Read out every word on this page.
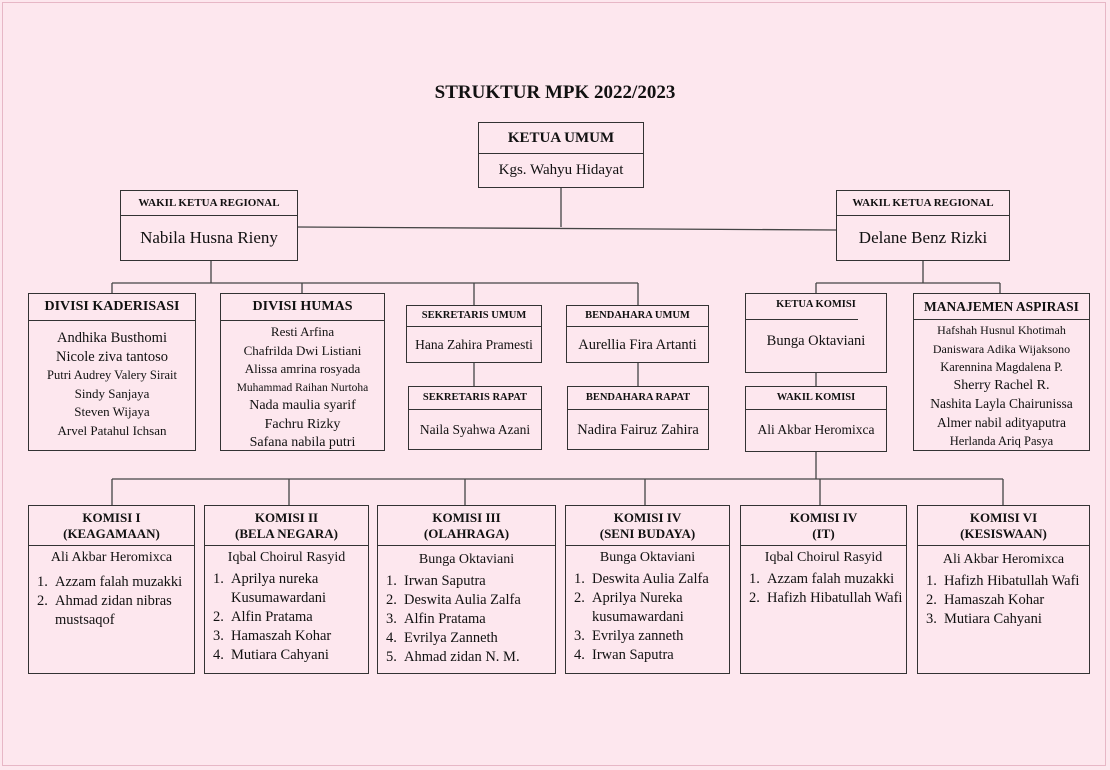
STRUKTUR MPK 2022/2023
KETUA UMUM
Kgs. Wahyu Hidayat
WAKIL KETUA REGIONAL
Nabila Husna Rieny
WAKIL KETUA REGIONAL
Delane Benz Rizki
DIVISI KADERISASI
Andhika Busthomi
Nicole ziva tantoso
Putri Audrey Valery Sirait
Sindy Sanjaya
Steven Wijaya
Arvel Patahul Ichsan
DIVISI HUMAS
Resti Arfina
Chafrilda Dwi Listiani
Alissa amrina rosyada
Muhammad Raihan Nurtoha
Nada maulia syarif
Fachru Rizky
Safana nabila putri
SEKRETARIS UMUM
Hana Zahira Pramesti
SEKRETARIS RAPAT
Naila Syahwa Azani
BENDAHARA UMUM
Aurellia Fira Artanti
BENDAHARA RAPAT
Nadira Fairuz Zahira
KETUA KOMISI
Bunga Oktaviani
WAKIL KOMISI
Ali Akbar Heromixca
MANAJEMEN ASPIRASI
Hafshah Husnul Khotimah
Daniswara Adika Wijaksono
Karennina Magdalena P.
Sherry Rachel R.
Nashita Layla Chairunissa
Almer nabil adityaputra
Herlanda Ariq Pasya
KOMISI I
(KEAGAMAAN)
Ali Akbar Heromixca
1. Azzam falah muzakki
2. Ahmad zidan nibras mustsaqof
KOMISI II
(BELA NEGARA)
Iqbal Choirul Rasyid
1. Aprilya nureka Kusumawardani
2. Alfin Pratama
3. Hamaszah Kohar
4. Mutiara Cahyani
KOMISI III
(OLAHRAGA)
Bunga Oktaviani
1. Irwan Saputra
2. Deswita Aulia Zalfa
3. Alfin Pratama
4. Evrilya Zanneth
5. Ahmad zidan N. M.
KOMISI IV
(SENI BUDAYA)
Bunga Oktaviani
1. Deswita Aulia Zalfa
2. Aprilya Nureka kusumawardani
3. Evrilya zanneth
4. Irwan Saputra
KOMISI IV
(IT)
Iqbal Choirul Rasyid
1. Azzam falah muzakki
2. Hafizh Hibatullah Wafi
KOMISI VI
(KESISWAAN)
Ali Akbar Heromixca
1. Hafizh Hibatullah Wafi
2. Hamaszah Kohar
3. Mutiara Cahyani
